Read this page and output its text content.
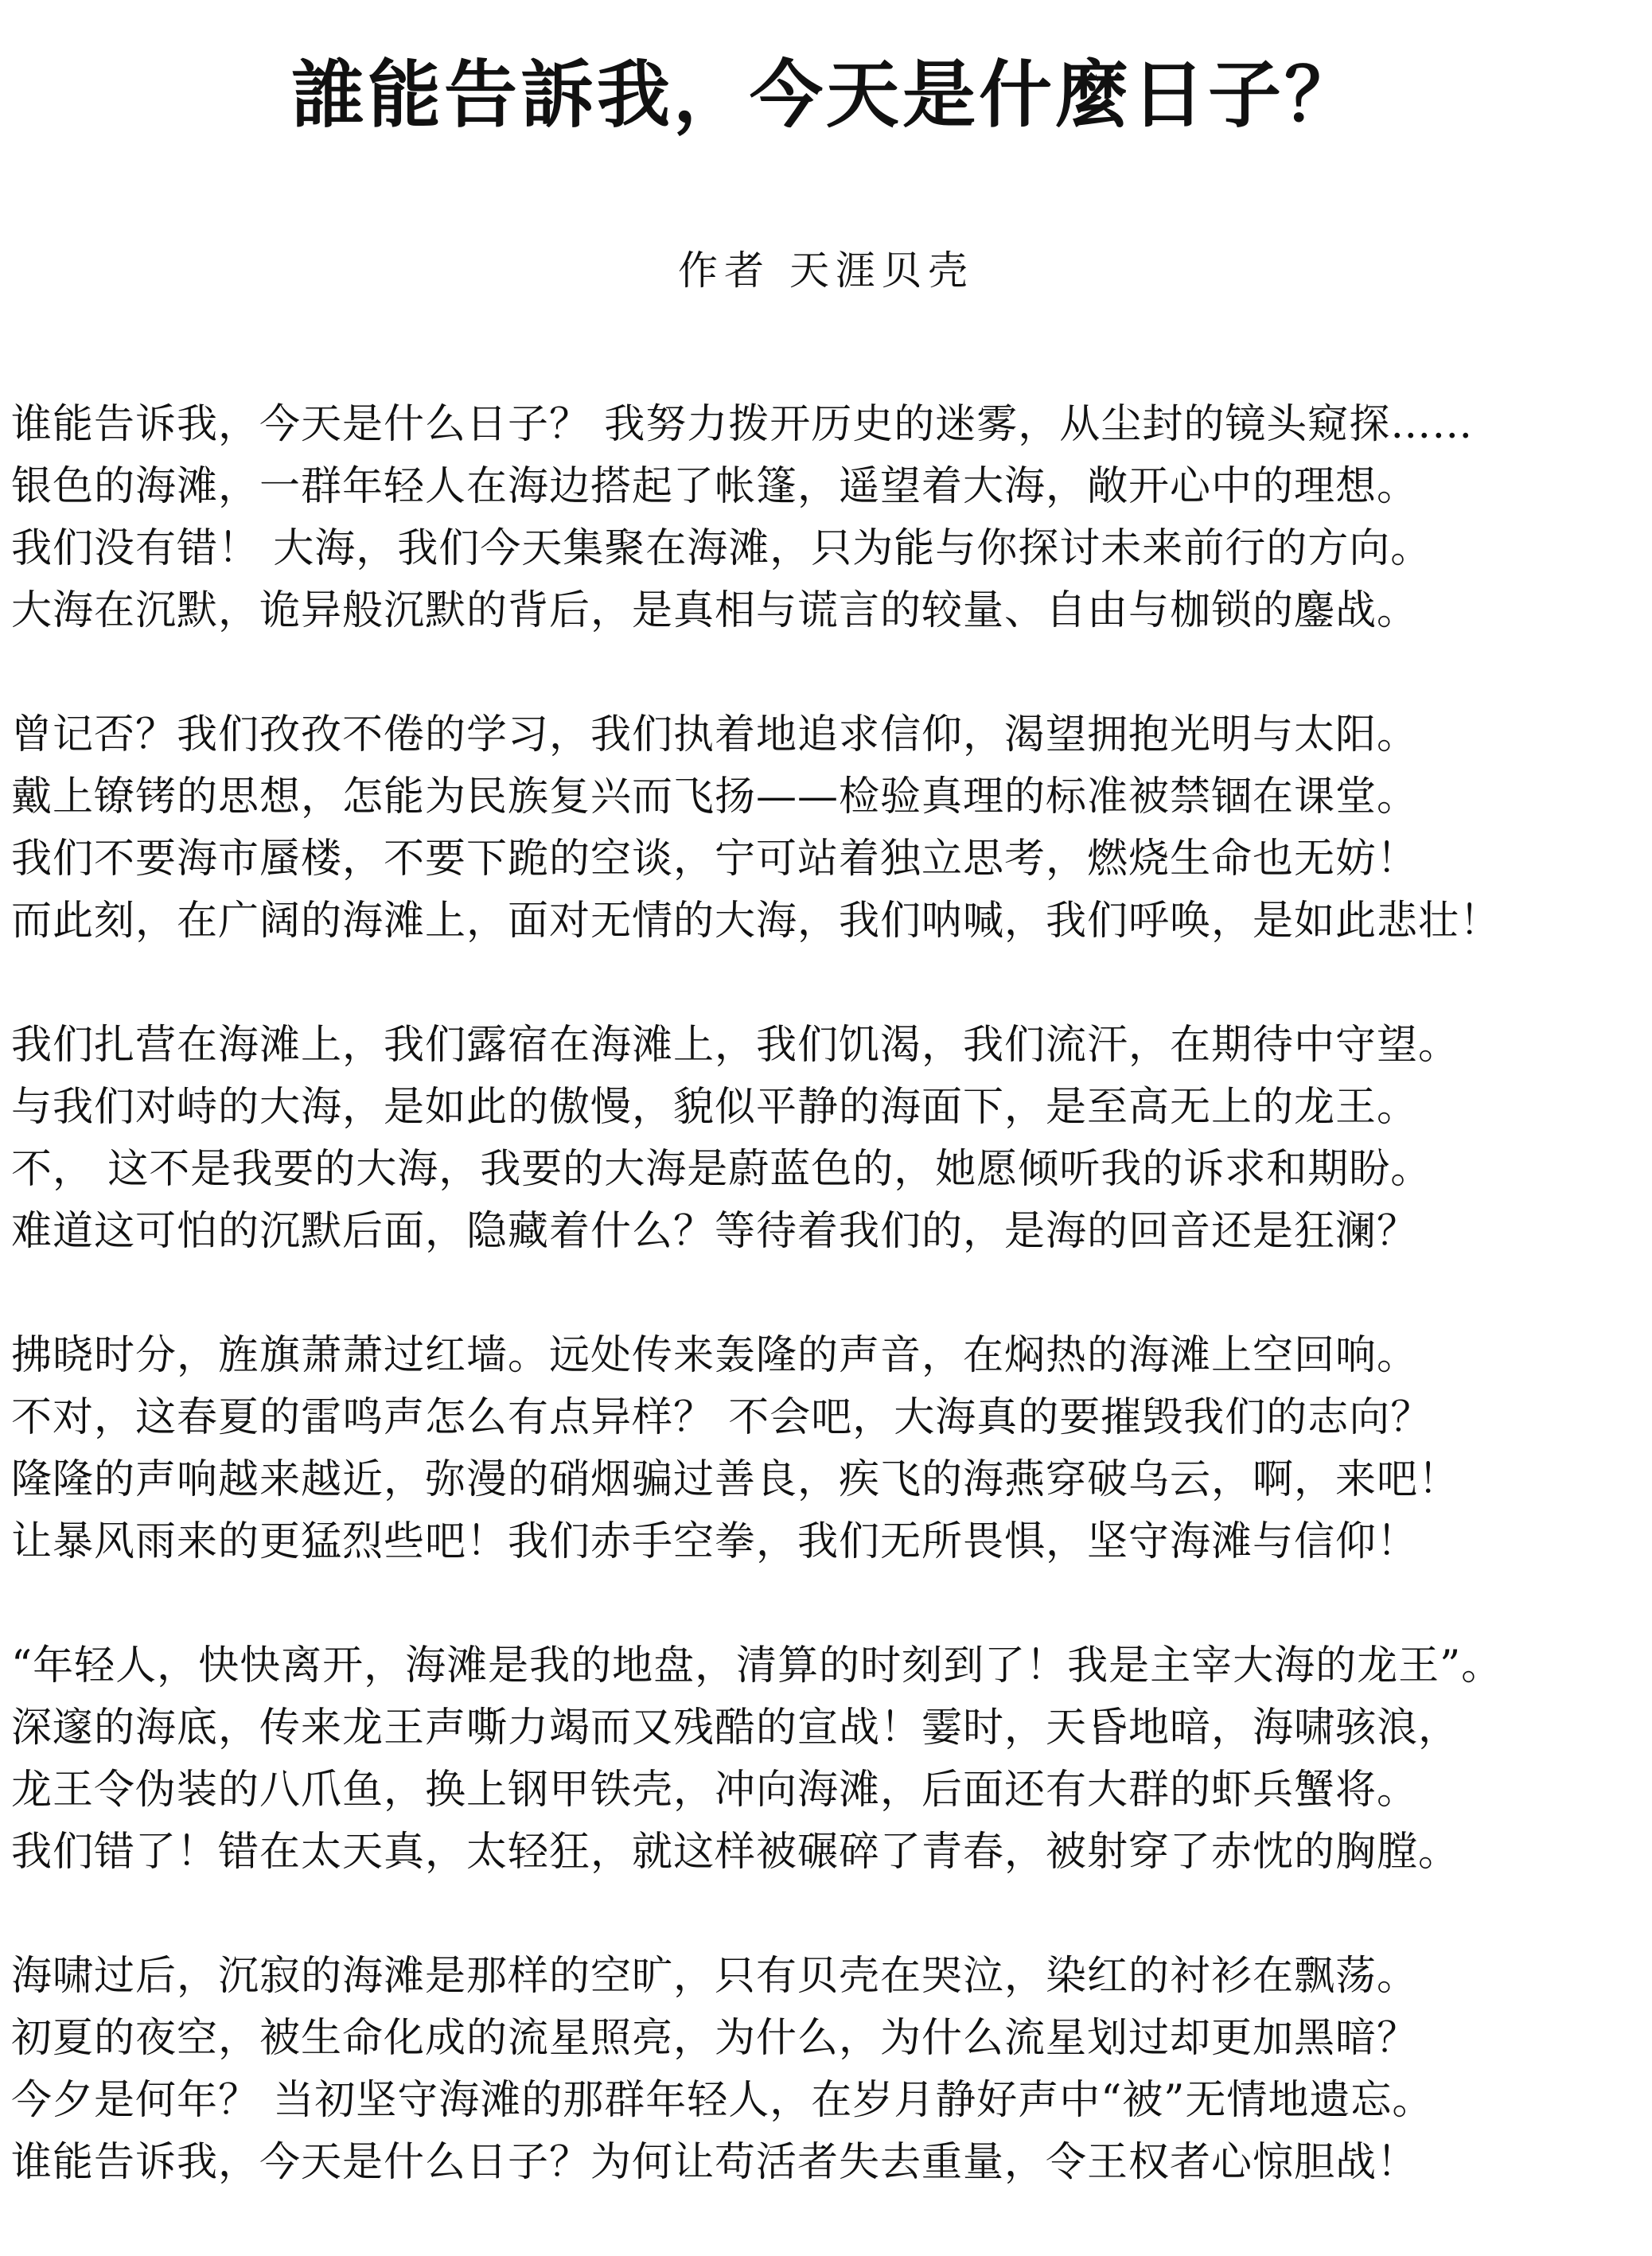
誰能告訴我，今天是什麼日子？
作者 天涯贝壳
谁能告诉我，今天是什么日子？ 我努力拨开历史的迷雾，从尘封的镜头窥探……
银色的海滩，一群年轻人在海边搭起了帐篷，遥望着大海，敞开心中的理想。
我们没有错！ 大海，我们今天集聚在海滩，只为能与你探讨未来前行的方向。
大海在沉默，诡异般沉默的背后，是真相与谎言的较量、自由与枷锁的鏖战。
曾记否？我们孜孜不倦的学习，我们执着地追求信仰，渴望拥抱光明与太阳。
戴上镣铐的思想，怎能为民族复兴而飞扬——检验真理的标准被禁锢在课堂。
我们不要海市蜃楼，不要下跪的空谈，宁可站着独立思考，燃烧生命也无妨！
而此刻，在广阔的海滩上，面对无情的大海，我们呐喊，我们呼唤，是如此悲壮！
我们扎营在海滩上，我们露宿在海滩上，我们饥渴，我们流汗，在期待中守望。
与我们对峙的大海，是如此的傲慢，貌似平静的海面下，是至高无上的龙王。
不， 这不是我要的大海，我要的大海是蔚蓝色的，她愿倾听我的诉求和期盼。
难道这可怕的沉默后面，隐藏着什么？等待着我们的，是海的回音还是狂澜？
拂晓时分，旌旗萧萧过红墙。远处传来轰隆的声音，在焖热的海滩上空回响。
不对，这春夏的雷鸣声怎么有点异样？ 不会吧，大海真的要摧毁我们的志向？
隆隆的声响越来越近，弥漫的硝烟骗过善良，疾飞的海燕穿破乌云，啊，来吧！
让暴风雨来的更猛烈些吧！我们赤手空拳，我们无所畏惧，坚守海滩与信仰！
“年轻人，快快离开，海滩是我的地盘，清算的时刻到了！我是主宰大海的龙王”。
深邃的海底，传来龙王声嘶力竭而又残酷的宣战！霎时，天昏地暗，海啸骇浪，
龙王令伪装的八爪鱼，换上钢甲铁壳，冲向海滩，后面还有大群的虾兵蟹将。
我们错了！错在太天真，太轻狂，就这样被碾碎了青春，被射穿了赤忱的胸膛。
海啸过后，沉寂的海滩是那样的空旷，只有贝壳在哭泣，染红的衬衫在飘荡。
初夏的夜空，被生命化成的流星照亮，为什么，为什么流星划过却更加黑暗？
今夕是何年？ 当初坚守海滩的那群年轻人，在岁月静好声中“被”无情地遗忘。
谁能告诉我，今天是什么日子？为何让苟活者失去重量，令王权者心惊胆战！
